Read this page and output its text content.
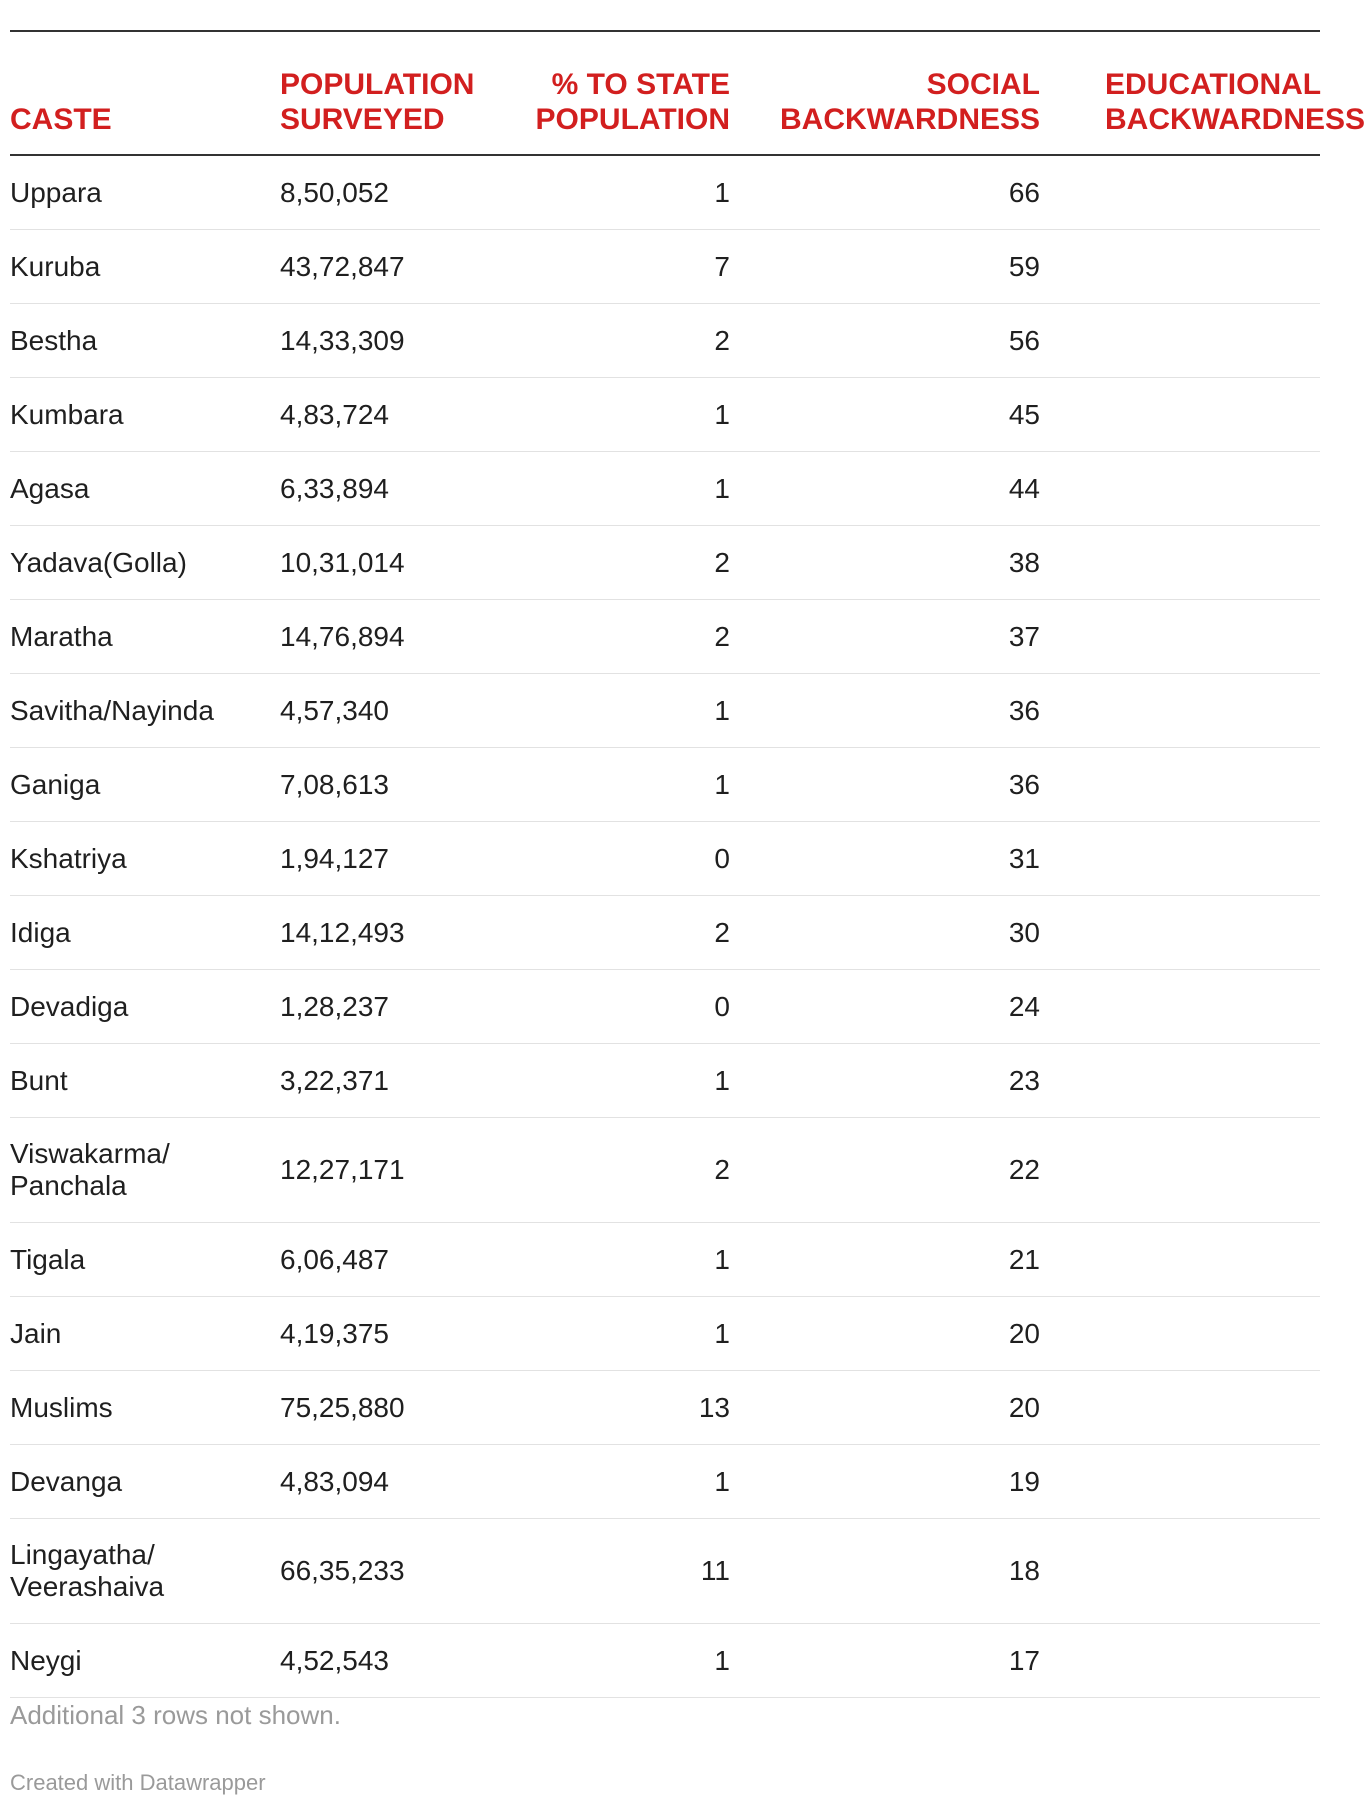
CASTE	POPULATION SURVEYED	% TO STATE POPULATION	SOCIAL BACKWARDNESS	EDUCATIONAL BACKWARDNESS
Uppara	8,50,052	1	66	
Kuruba	43,72,847	7	59	
Bestha	14,33,309	2	56	
Kumbara	4,83,724	1	45	
Agasa	6,33,894	1	44	
Yadava(Golla)	10,31,014	2	38	
Maratha	14,76,894	2	37	
Savitha/Nayinda	4,57,340	1	36	
Ganiga	7,08,613	1	36	
Kshatriya	1,94,127	0	31	
Idiga	14,12,493	2	30	
Devadiga	1,28,237	0	24	
Bunt	3,22,371	1	23	
Viswakarma/ Panchala	12,27,171	2	22	
Tigala	6,06,487	1	21	
Jain	4,19,375	1	20	
Muslims	75,25,880	13	20	
Devanga	4,83,094	1	19	
Lingayatha/ Veerashaiva	66,35,233	11	18	
Neygi	4,52,543	1	17	
Additional 3 rows not shown.
Created with Datawrapper
